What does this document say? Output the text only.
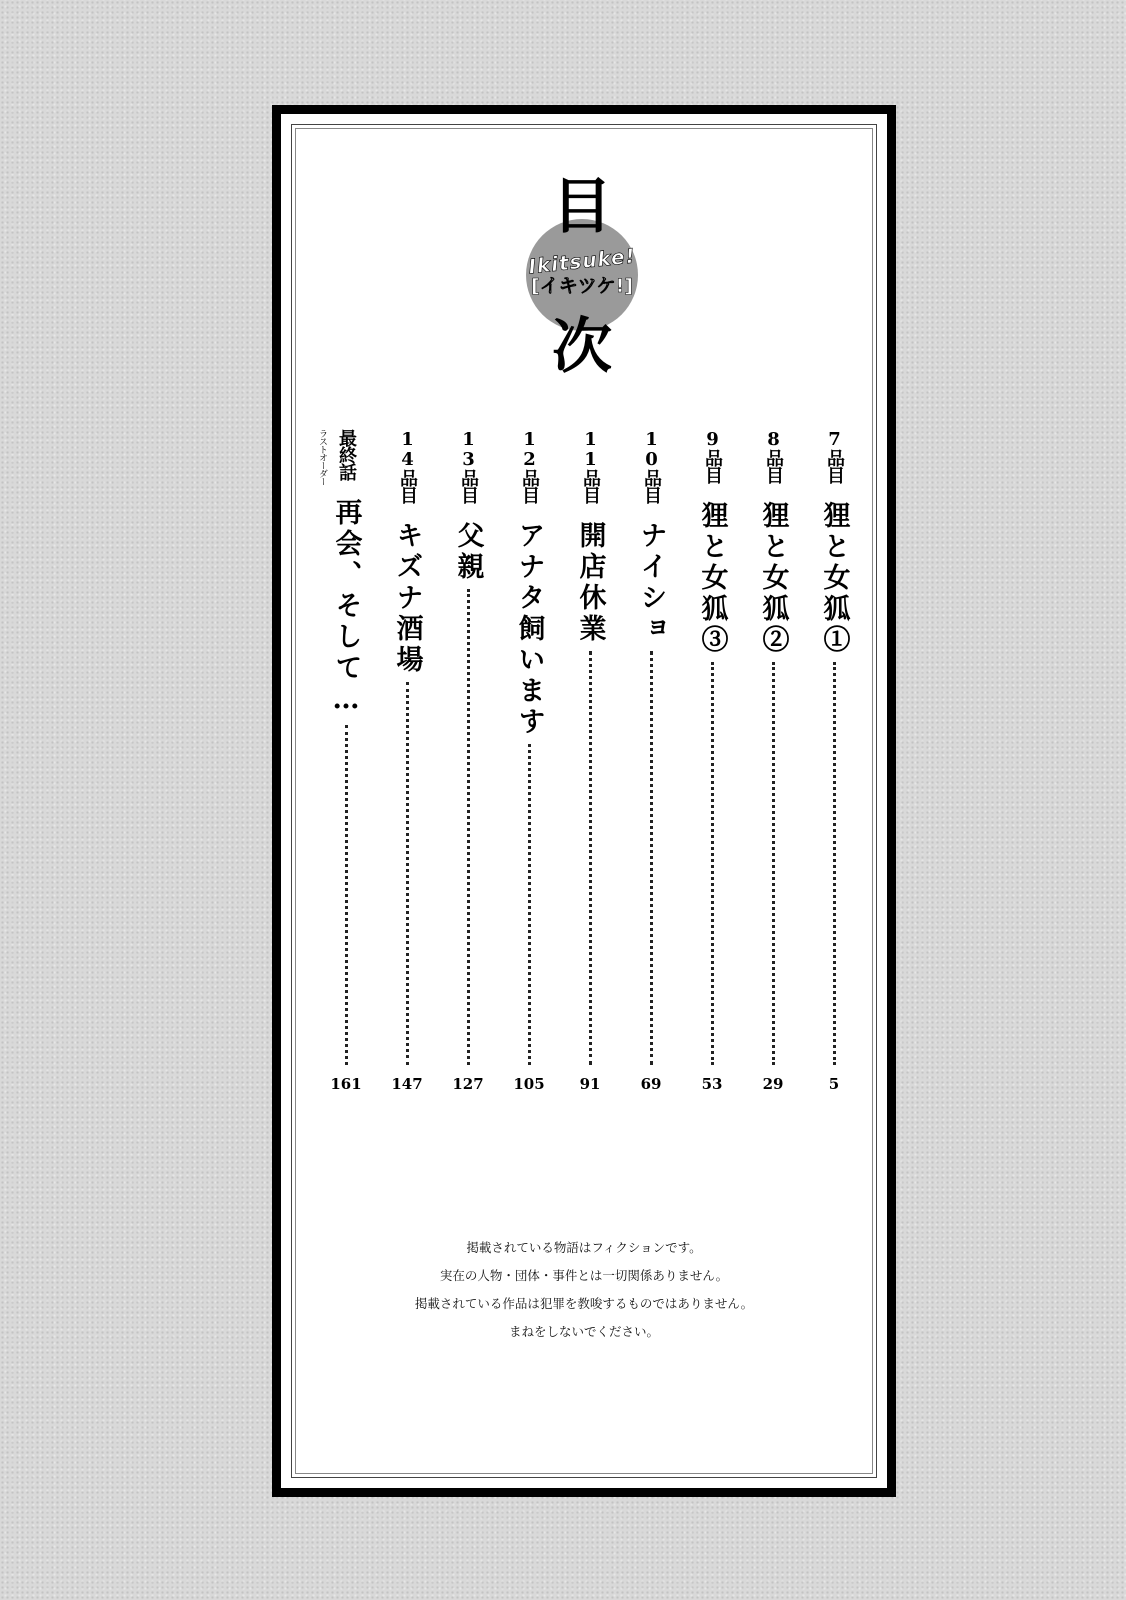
目
Ikitsuke!
[イキツケ!]
次
7品目
狸と女狐①
5
8品目
狸と女狐②
29
9品目
狸と女狐③
53
10品目
ナイショ
69
11品目
開店休業
91
12品目
アナタ飼います
105
13品目
父親
127
14品目
キズナ酒場
147
ラストオーダー 最終話
再会、そして…
161
掲載されている物語はフィクションです。
実在の人物・団体・事件とは一切関係ありません。
掲載されている作品は犯罪を教唆するものではありません。
まねをしないでください。
